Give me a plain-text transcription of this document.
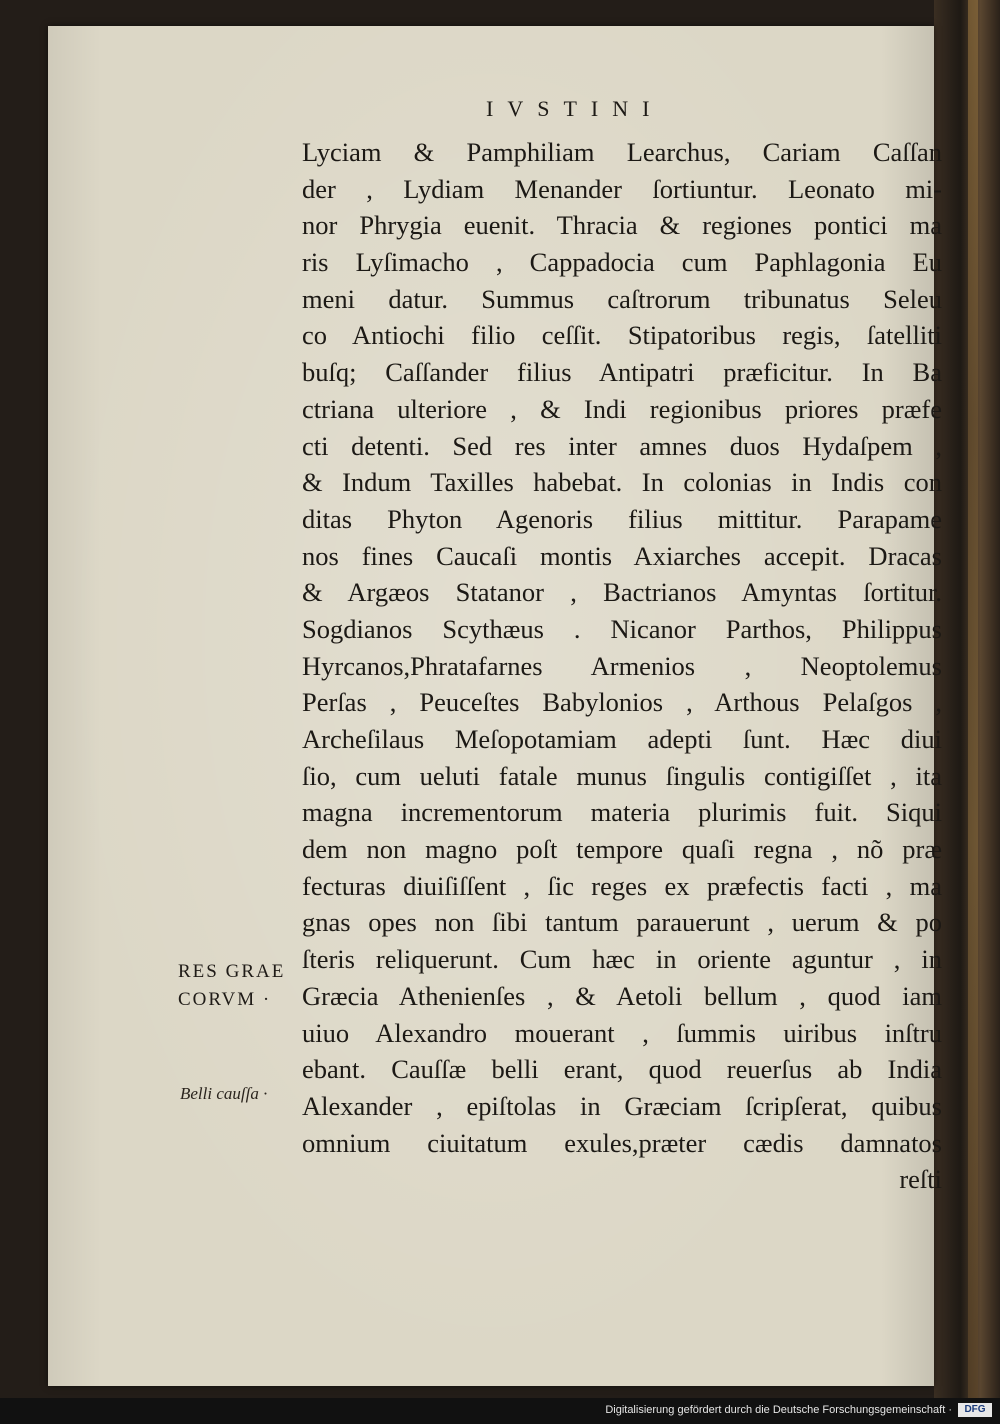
IVSTINI
Lyciam & Pamphiliam Learchus, Cariam Caſſan
der , Lydiam Menander ſortiuntur. Leonato mi-
nor Phrygia euenit. Thracia & regiones pontici ma
ris Lyſimacho , Cappadocia cum Paphlagonia Eu
meni datur. Summus caſtrorum tribunatus Seleu
co Antiochi filio ceſſit. Stipatoribus regis, ſatelliti
buſq; Caſſander filius Antipatri præficitur. In Ba
ctriana ulteriore , & Indi regionibus priores præfe
cti detenti. Sed res inter amnes duos Hydaſpem ,
& Indum Taxilles habebat. In colonias in Indis con
ditas Phyton Agenoris filius mittitur. Parapame
nos fines Caucaſi montis Axiarches accepit. Dracas
& Argæos Statanor , Bactrianos Amyntas ſortitur.
Sogdianos Scythæus . Nicanor Parthos, Philippus
Hyrcanos,Phratafarnes Armenios , Neoptolemus
Perſas , Peuceſtes Babylonios , Arthous Pelaſgos ,
Archeſilaus Meſopotamiam adepti ſunt. Hæc diui
ſio, cum ueluti fatale munus ſingulis contigiſſet , ita
magna incrementorum materia plurimis fuit. Siqui
dem non magno poſt tempore quaſi regna , nõ præ
fecturas diuiſiſſent , ſic reges ex præfectis facti , ma
gnas opes non ſibi tantum parauerunt , uerum & po
ſteris reliquerunt. Cum hæc in oriente aguntur , in
Græcia Athenienſes , & Aetoli bellum , quod iam
uiuo Alexandro mouerant , ſummis uiribus inſtru
ebant. Cauſſæ belli erant, quod reuerſus ab India
Alexander , epiſtolas in Græciam ſcripſerat, quibus
omnium ciuitatum exules,præter cædis damnatos
reſti
RES GRAE
CORVM ·
Belli cauſſa ·
Digitalisierung gefördert durch die Deutsche Forschungsgemeinschaft ·	DFG
